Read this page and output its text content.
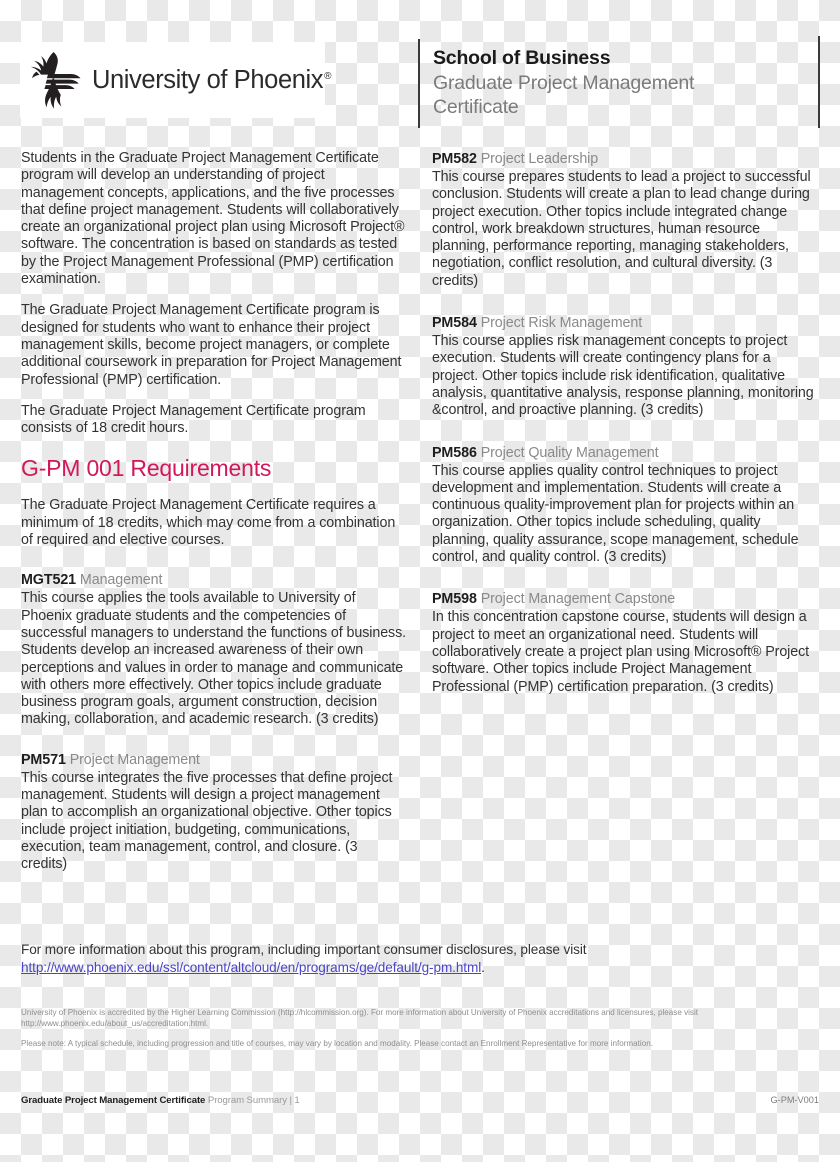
University of Phoenix®
School of Business
Graduate Project Management Certificate

Students in the Graduate Project Management Certificate program will develop an understanding of project management concepts, applications, and the five processes that define project management. Students will collaboratively create an organizational project plan using Microsoft Project® software. The concentration is based on standards as tested by the Project Management Professional (PMP) certification examination.

The Graduate Project Management Certificate program is designed for students who want to enhance their project management skills, become project managers, or complete additional coursework in preparation for Project Management Professional (PMP) certification.

The Graduate Project Management Certificate program consists of 18 credit hours.

G-PM 001 Requirements

The Graduate Project Management Certificate requires a minimum of 18 credits, which may come from a combination of required and elective courses.

MGT521 Management
This course applies the tools available to University of Phoenix graduate students and the competencies of successful managers to understand the functions of business. Students develop an increased awareness of their own perceptions and values in order to manage and communicate with others more effectively. Other topics include graduate business program goals, argument construction, decision making, collaboration, and academic research. (3 credits)
PM571 Project Management
This course integrates the five processes that define project management. Students will design a project management plan to accomplish an organizational objective. Other topics include project initiation, budgeting, communications, execution, team management, control, and closure. (3 credits)
PM582 Project Leadership
This course prepares students to lead a project to successful conclusion. Students will create a plan to lead change during project execution. Other topics include integrated change control, work breakdown structures, human resource planning, performance reporting, managing stakeholders, negotiation, conflict resolution, and cultural diversity. (3 credits)
PM584 Project Risk Management
This course applies risk management concepts to project execution. Students will create contingency plans for a project. Other topics include risk identification, qualitative analysis, quantitative analysis, response planning, monitoring &control, and proactive planning. (3 credits)
PM586 Project Quality Management
This course applies quality control techniques to project development and implementation. Students will create a continuous quality-improvement plan for projects within an organization. Other topics include scheduling, quality planning, quality assurance, scope management, schedule control, and quality control. (3 credits)
PM598 Project Management Capstone
In this concentration capstone course, students will design a project to meet an organizational need. Students will collaboratively create a project plan using Microsoft® Project software. Other topics include Project Management Professional (PMP) certification preparation. (3 credits)
For more information about this program, including important consumer disclosures, please visit http://www.phoenix.edu/ssl/content/altcloud/en/programs/ge/default/g-pm.html.
University of Phoenix is accredited by the Higher Learning Commission (http://hlcommission.org). For more information about University of Phoenix accreditations and licensures, please visit http://www.phoenix.edu/about_us/accreditation.html.
Please note: A typical schedule, including progression and title of courses, may vary by location and modality. Please contact an Enrollment Representative for more information.
Graduate Project Management Certificate Program Summary | 1	G-PM-V001
